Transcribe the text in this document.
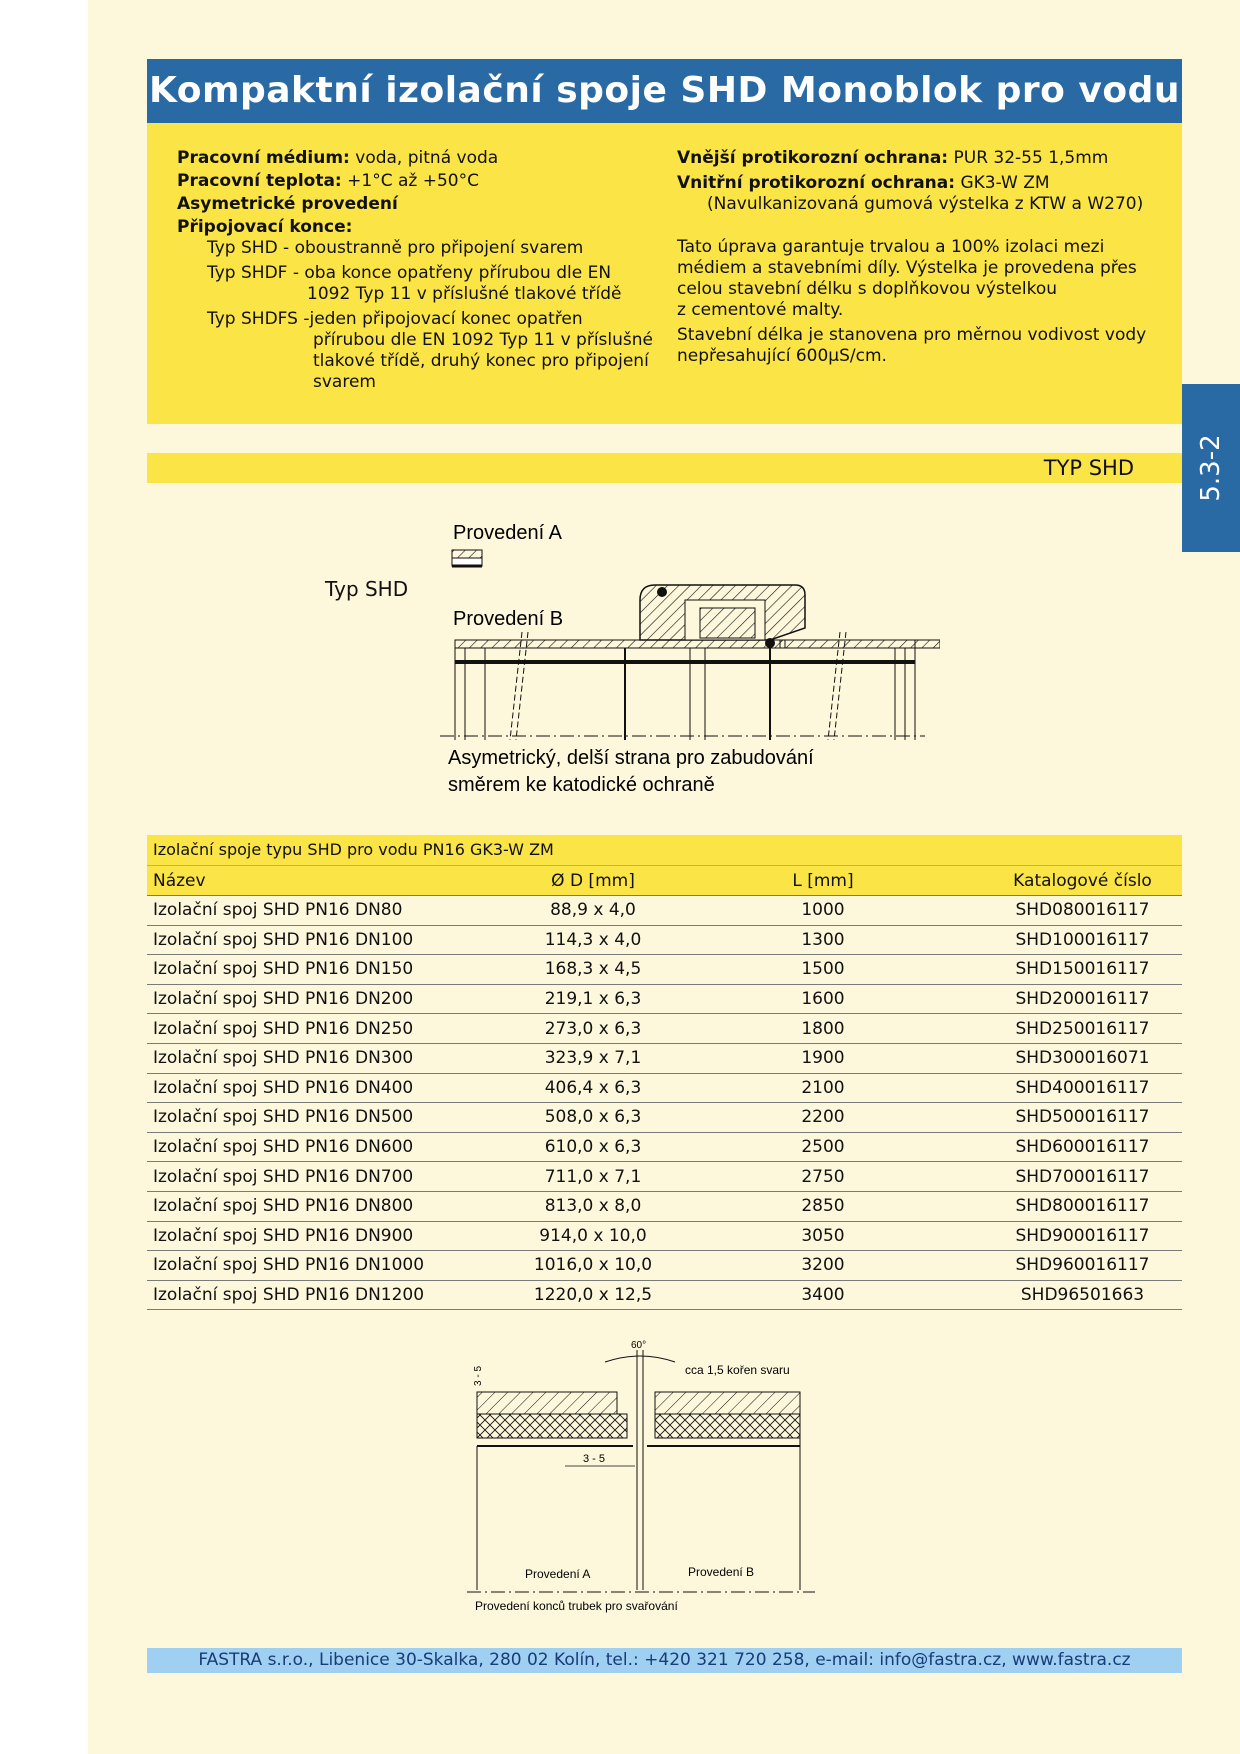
Kompaktní izolační spoje SHD Monoblok pro vodu
Pracovní médium: voda, pitná voda
Pracovní teplota: +1°C až +50°C
Asymetrické provedení
Připojovací konce:
Typ SHD - oboustranně pro připojení svarem
Typ SHDF - oba konce opatřeny přírubou dle EN
1092 Typ 11 v příslušné tlakové třídě
Typ SHDFS -jeden připojovací konec opatřen
přírubou dle EN 1092 Typ 11 v příslušné
tlakové třídě, druhý konec pro připojení
svarem
Vnější protikorozní ochrana: PUR 32-55 1,5mm
Vnitřní protikorozní ochrana: GK3-W ZM
(Navulkanizovaná gumová výstelka z KTW a W270)
Tato úprava garantuje trvalou a 100% izolaci mezi
médiem a stavebními díly. Výstelka je provedena přes
celou stavební délku s doplňkovou výstelkou
z cementové malty.
Stavební délka je stanovena pro měrnou vodivost vody
nepřesahující 600µS/cm.
5.3-2
TYP SHD
Typ SHD
Provedení A
Provedení B
Asymetrický, delší strana pro zabudování
směrem ke katodické ochraně
Izolační spoje typu SHD pro vodu PN16 GK3-W ZM
Název	Ø D [mm]	L [mm]	Katalogové číslo
Izolační spoj SHD PN16 DN80	88,9 x 4,0	1000	SHD080016117
Izolační spoj SHD PN16 DN100	114,3 x 4,0	1300	SHD100016117
Izolační spoj SHD PN16 DN150	168,3 x 4,5	1500	SHD150016117
Izolační spoj SHD PN16 DN200	219,1 x 6,3	1600	SHD200016117
Izolační spoj SHD PN16 DN250	273,0 x 6,3	1800	SHD250016117
Izolační spoj SHD PN16 DN300	323,9 x 7,1	1900	SHD300016071
Izolační spoj SHD PN16 DN400	406,4 x 6,3	2100	SHD400016117
Izolační spoj SHD PN16 DN500	508,0 x 6,3	2200	SHD500016117
Izolační spoj SHD PN16 DN600	610,0 x 6,3	2500	SHD600016117
Izolační spoj SHD PN16 DN700	711,0 x 7,1	2750	SHD700016117
Izolační spoj SHD PN16 DN800	813,0 x 8,0	2850	SHD800016117
Izolační spoj SHD PN16 DN900	914,0 x 10,0	3050	SHD900016117
Izolační spoj SHD PN16 DN1000	1016,0 x 10,0	3200	SHD960016117
Izolační spoj SHD PN16 DN1200	1220,0 x 12,5	3400	SHD96501663
60°
cca 1,5 kořen svaru
3 - 5
3 - 5
Provedení A	Provedení B
Provedení konců trubek pro svařování
FASTRA s.r.o., Libenice 30-Skalka, 280 02 Kolín, tel.: +420 321 720 258, e-mail: info@fastra.cz, www.fastra.cz
